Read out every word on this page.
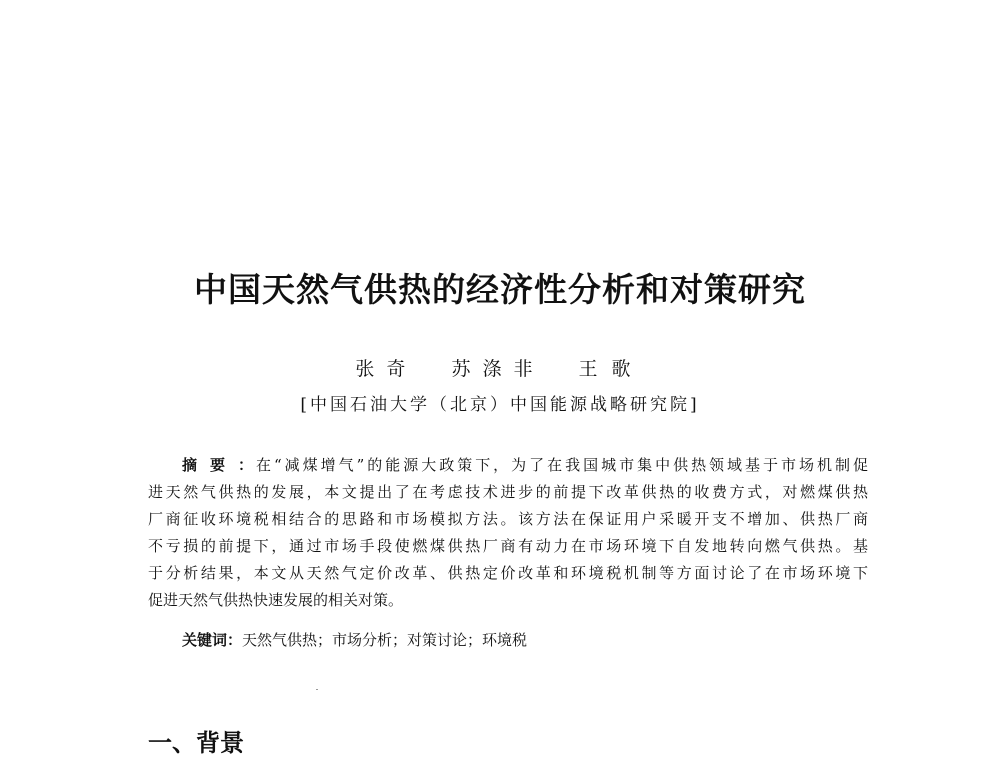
中国天然气供热的经济性分析和对策研究
张奇 苏涤非 王歌
[中国石油大学（北京）中国能源战略研究院]
摘要：在“减煤增气”的能源大政策下，为了在我国城市集中供热领域基于市场机制促
进天然气供热的发展，本文提出了在考虑技术进步的前提下改革供热的收费方式，对燃煤供热
厂商征收环境税相结合的思路和市场模拟方法。该方法在保证用户采暖开支不增加、供热厂商
不亏损的前提下，通过市场手段使燃煤供热厂商有动力在市场环境下自发地转向燃气供热。基
于分析结果，本文从天然气定价改革、供热定价改革和环境税机制等方面讨论了在市场环境下
促进天然气供热快速发展的相关对策。
关键词：天然气供热；市场分析；对策讨论；环境税
一、背景
